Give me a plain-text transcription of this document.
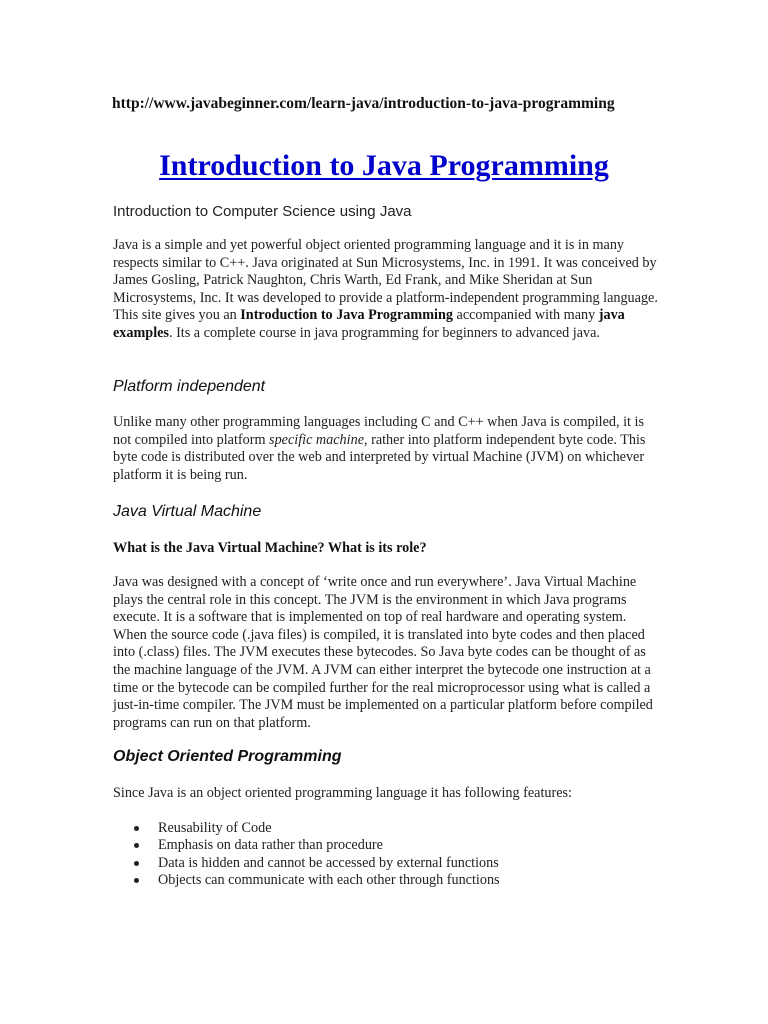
http://www.javabeginner.com/learn-java/introduction-to-java-programming
Introduction to Java Programming
Introduction to Computer Science using Java
Java is a simple and yet powerful object oriented programming language and it is in many respects similar to C++. Java originated at Sun Microsystems, Inc. in 1991. It was conceived by James Gosling, Patrick Naughton, Chris Warth, Ed Frank, and Mike Sheridan at Sun Microsystems, Inc. It was developed to provide a platform-independent programming language. This site gives you an Introduction to Java Programming accompanied with many java examples. Its a complete course in java programming for beginners to advanced java.
Platform independent
Unlike many other programming languages including C and C++ when Java is compiled, it is not compiled into platform specific machine, rather into platform independent byte code. This byte code is distributed over the web and interpreted by virtual Machine (JVM) on whichever platform it is being run.
Java Virtual Machine
What is the Java Virtual Machine? What is its role?
Java was designed with a concept of ‘write once and run everywhere’. Java Virtual Machine plays the central role in this concept. The JVM is the environment in which Java programs execute. It is a software that is implemented on top of real hardware and operating system. When the source code (.java files) is compiled, it is translated into byte codes and then placed into (.class) files. The JVM executes these bytecodes. So Java byte codes can be thought of as the machine language of the JVM. A JVM can either interpret the bytecode one instruction at a time or the bytecode can be compiled further for the real microprocessor using what is called a just-in-time compiler. The JVM must be implemented on a particular platform before compiled programs can run on that platform.
Object Oriented Programming
Since Java is an object oriented programming language it has following features:
Reusability of Code
Emphasis on data rather than procedure
Data is hidden and cannot be accessed by external functions
Objects can communicate with each other through functions
